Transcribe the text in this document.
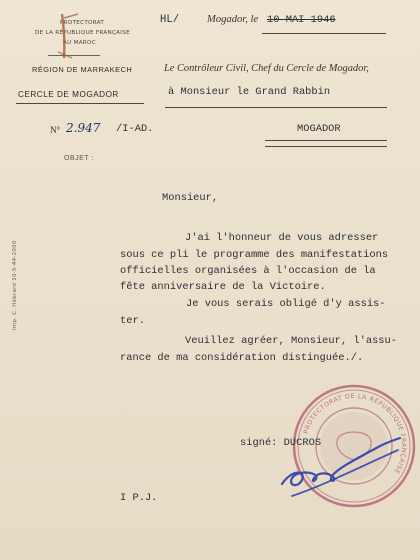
PROTECTORAT
DE LA RÉPUBLIQUE FRANÇAISE
AU MAROC
RÉGION DE MARRAKECH
CERCLE DE MOGADOR
HL/	Mogador, le 10 MAI 1946
Le Contrôleur Civil, Chef du Cercle de Mogador,
à Monsieur le Grand Rabbin
MOGADOR
N° 2.947 /I-AD.
OBJET :
Monsieur,
J'ai l'honneur de vous adresser
sous ce pli le programme des manifestations
officielles organisées à l'occasion de la
fête anniversaire de la Victoire.
Je vous serais obligé d'y assis-
ter.
Veuillez agréer, Monsieur, l'assu-
rance de ma considération distinguée./.
Imp. C. Hébrard 10-5-44-2000
PROTECTORAT DE LA RÉPUBLIQUE FRANÇAISE
signé: DUCROS
I P.J.
